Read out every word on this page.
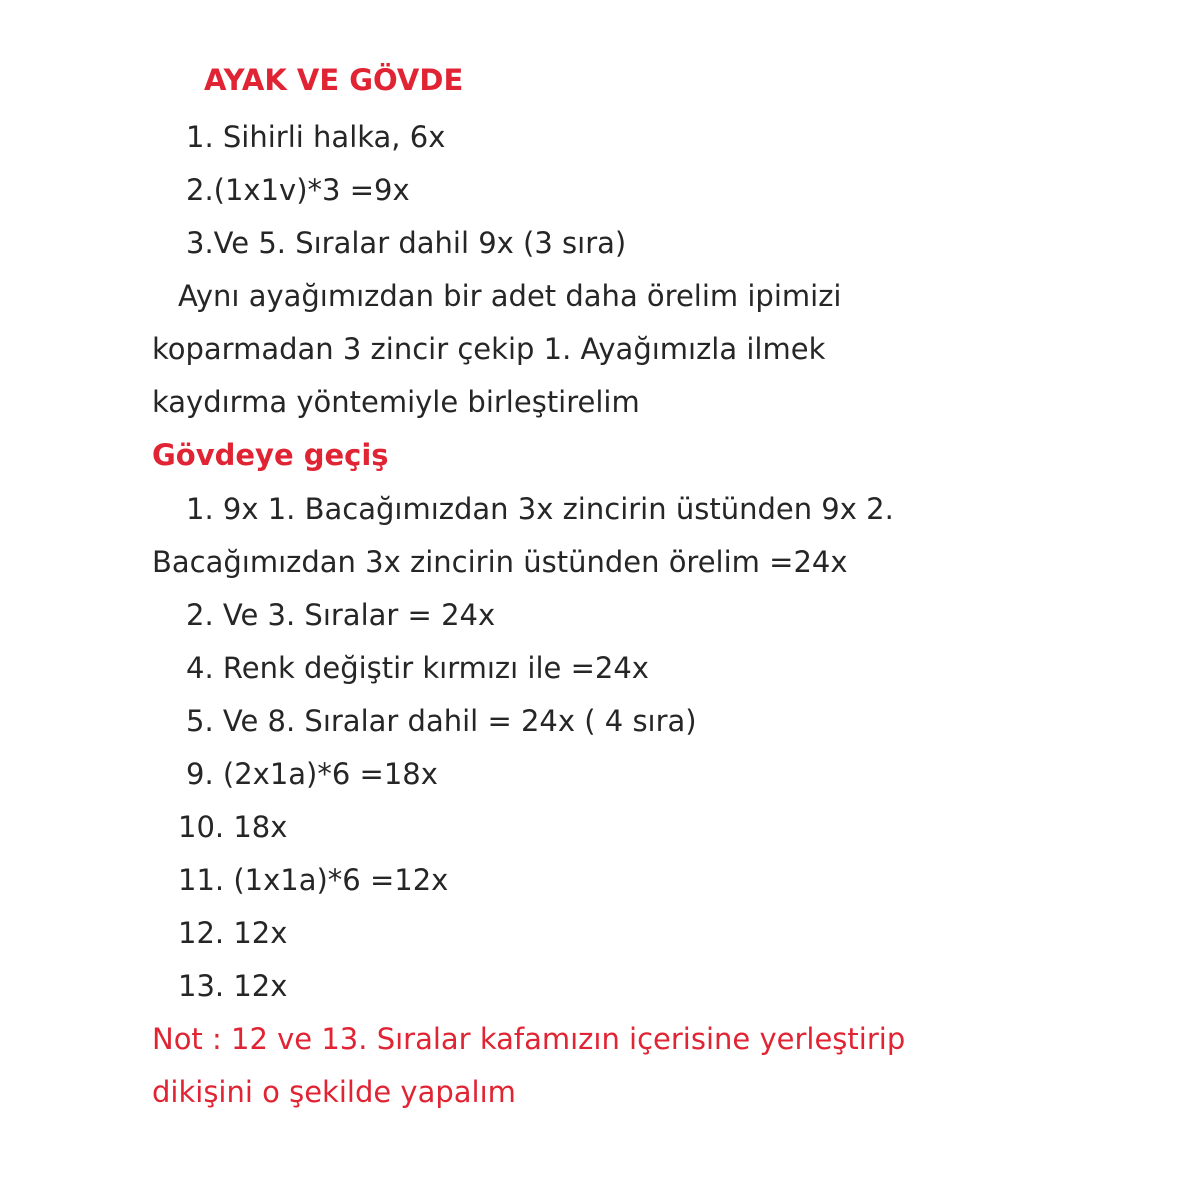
AYAK VE GÖVDE
1. Sihirli halka, 6x
2.(1x1v)*3 =9x
3.Ve 5. Sıralar dahil 9x (3 sıra)
Aynı ayağımızdan bir adet daha örelim ipimizi
koparmadan 3 zincir çekip 1. Ayağımızla ilmek
kaydırma yöntemiyle birleştirelim
Gövdeye geçiş
1. 9x 1. Bacağımızdan 3x zincirin üstünden 9x 2.
Bacağımızdan 3x zincirin üstünden örelim =24x
2. Ve 3. Sıralar = 24x
4. Renk değiştir kırmızı ile =24x
5. Ve 8. Sıralar dahil = 24x ( 4 sıra)
9. (2x1a)*6 =18x
10. 18x
11. (1x1a)*6 =12x
12. 12x
13. 12x
Not : 12 ve 13. Sıralar kafamızın içerisine yerleştirip
dikişini o şekilde yapalım
